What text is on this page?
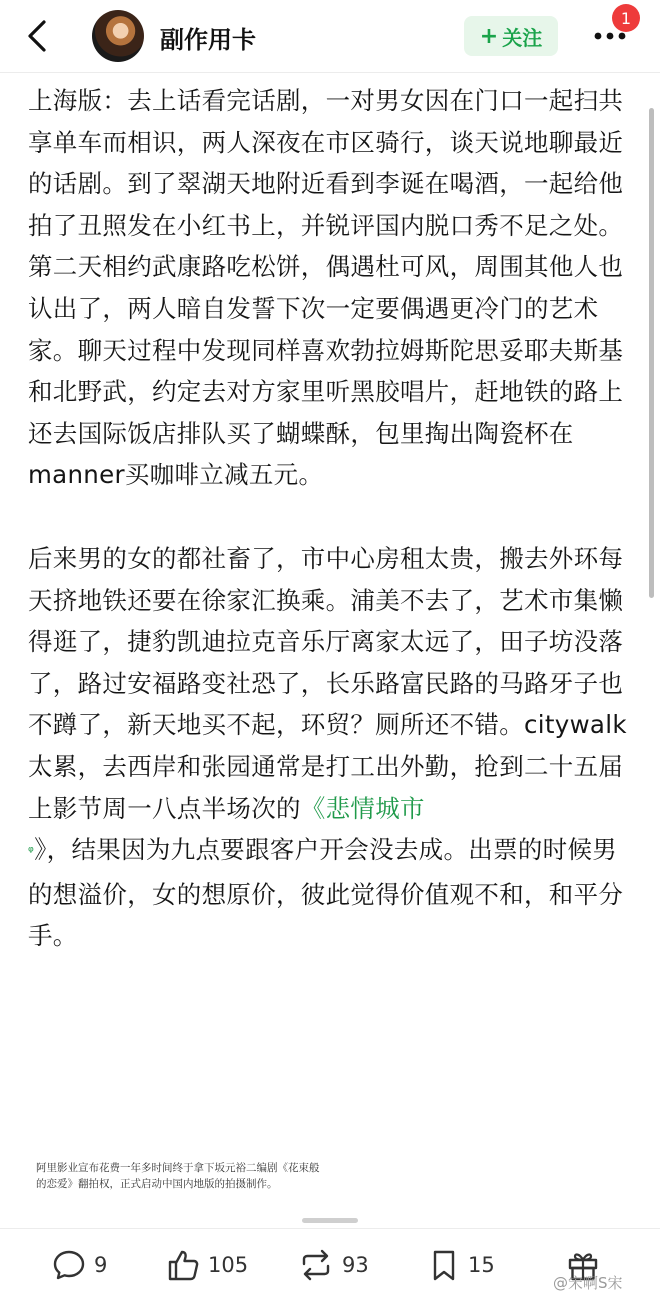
副作用卡	+ 关注
1

上海版：去上话看完话剧，一对男女因在门口一起扫共享单车而相识，两人深夜在市区骑行，谈天说地聊最近的话剧。到了翠湖天地附近看到李诞在喝酒，一起给他拍了丑照发在小红书上，并锐评国内脱口秀不足之处。第二天相约武康路吃松饼，偶遇杜可风，周围其他人也认出了，两人暗自发誓下次一定要偶遇更冷门的艺术家。聊天过程中发现同样喜欢勃拉姆斯陀思妥耶夫斯基和北野武，约定去对方家里听黑胶唱片，赶地铁的路上还去国际饭店排队买了蝴蝶酥，包里掏出陶瓷杯在manner买咖啡立减五元。

后来男的女的都社畜了，市中心房租太贵，搬去外环每天挤地铁还要在徐家汇换乘。浦美不去了，艺术市集懒得逛了，捷豹凯迪拉克音乐厅离家太远了，田子坊没落了，路过安福路变社恐了，长乐路富民路的马路牙子也不蹲了，新天地买不起，环贸？厕所还不错。citywalk太累，去西岸和张园通常是打工出外勤，抢到二十五届上影节周一八点半场次的《悲情城市
ᵠ》，结果因为九点要跟客户开会没去成。出票的时候男的想溢价，女的想原价，彼此觉得价值观不和，和平分手。

阿里影业宣布花费一年多时间终于拿下坂元裕二编剧《花束般的恋爱》翻拍权，正式启动中国内地版的拍摄制作。
9	105	93	15
@宋啊S宋
